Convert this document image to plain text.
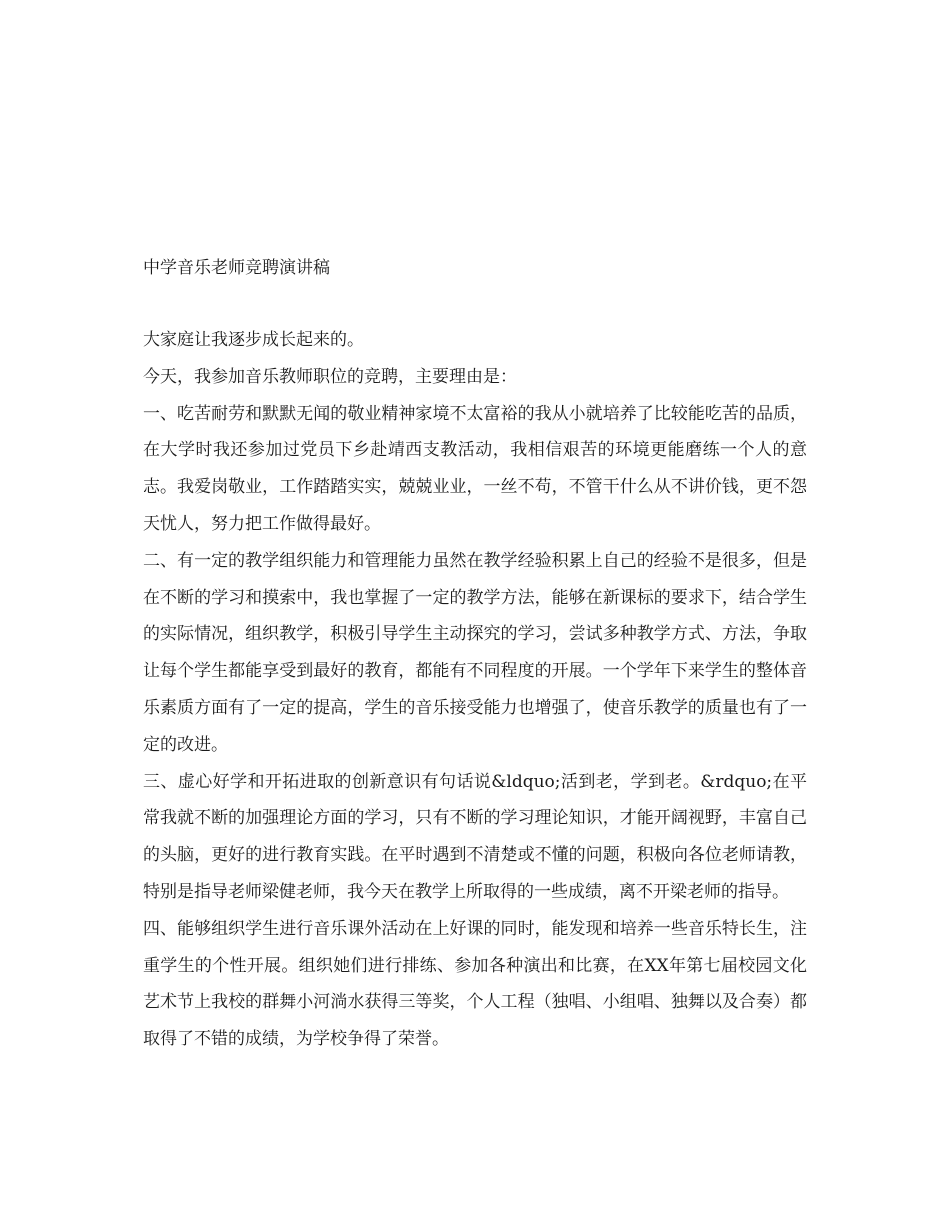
中学音乐老师竞聘演讲稿

大家庭让我逐步成长起来的。

今天，我参加音乐教师职位的竞聘，主要理由是：

一、吃苦耐劳和默默无闻的敬业精神家境不太富裕的我从小就培养了比较能吃苦的品质，在大学时我还参加过党员下乡赴靖西支教活动，我相信艰苦的环境更能磨练一个人的意志。我爱岗敬业，工作踏踏实实，兢兢业业，一丝不苟，不管干什么从不讲价钱，更不怨天忧人，努力把工作做得最好。

二、有一定的教学组织能力和管理能力虽然在教学经验积累上自己的经验不是很多，但是在不断的学习和摸索中，我也掌握了一定的教学方法，能够在新课标的要求下，结合学生的实际情况，组织教学，积极引导学生主动探究的学习，尝试多种教学方式、方法，争取让每个学生都能享受到最好的教育，都能有不同程度的开展。一个学年下来学生的整体音乐素质方面有了一定的提高，学生的音乐接受能力也增强了，使音乐教学的质量也有了一定的改进。

三、虚心好学和开拓进取的创新意识有句话说&ldquo;活到老，学到老。&rdquo;在平常我就不断的加强理论方面的学习，只有不断的学习理论知识，才能开阔视野，丰富自己的头脑，更好的进行教育实践。在平时遇到不清楚或不懂的问题，积极向各位老师请教，特别是指导老师梁健老师，我今天在教学上所取得的一些成绩，离不开梁老师的指导。

四、能够组织学生进行音乐课外活动在上好课的同时，能发现和培养一些音乐特长生，注重学生的个性开展。组织她们进行排练、参加各种演出和比赛，在XX年第七届校园文化艺术节上我校的群舞小河淌水获得三等奖，个人工程（独唱、小组唱、独舞以及合奏）都取得了不错的成绩，为学校争得了荣誉。
